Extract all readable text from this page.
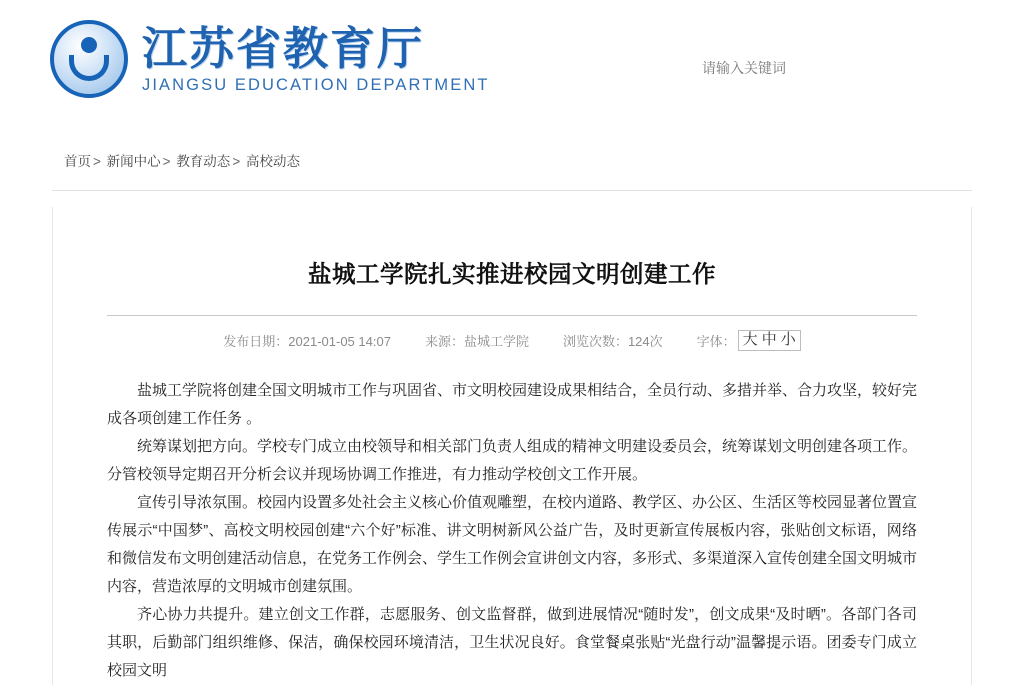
江苏省教育厅
JIANGSU EDUCATION DEPARTMENT
请输入关键词
首页 > 新闻中心 > 教育动态 > 高校动态
盐城工学院扎实推进校园文明创建工作
发布日期：2021-01-05 14:07	来源：盐城工学院	浏览次数：124次	字体： 大 中 小

盐城工学院将创建全国文明城市工作与巩固省、市文明校园建设成果相结合，全员行动、多措并举、合力攻坚，较好完成各项创建工作任务 。

统筹谋划把方向。学校专门成立由校领导和相关部门负责人组成的精神文明建设委员会，统筹谋划文明创建各项工作。分管校领导定期召开分析会议并现场协调工作推进，有力推动学校创文工作开展。

宣传引导浓氛围。校园内设置多处社会主义核心价值观雕塑，在校内道路、教学区、办公区、生活区等校园显著位置宣传展示“中国梦”、高校文明校园创建“六个好”标准、讲文明树新风公益广告，及时更新宣传展板内容，张贴创文标语，网络和微信发布文明创建活动信息，在党务工作例会、学生工作例会宣讲创文内容，多形式、多渠道深入宣传创建全国文明城市内容，营造浓厚的文明城市创建氛围。

齐心协力共提升。建立创文工作群，志愿服务、创文监督群，做到进展情况“随时发”，创文成果“及时晒”。各部门各司其职，后勤部门组织维修、保洁，确保校园环境清洁，卫生状况良好。食堂餐桌张贴“光盘行动”温馨提示语。团委专门成立校园文明
